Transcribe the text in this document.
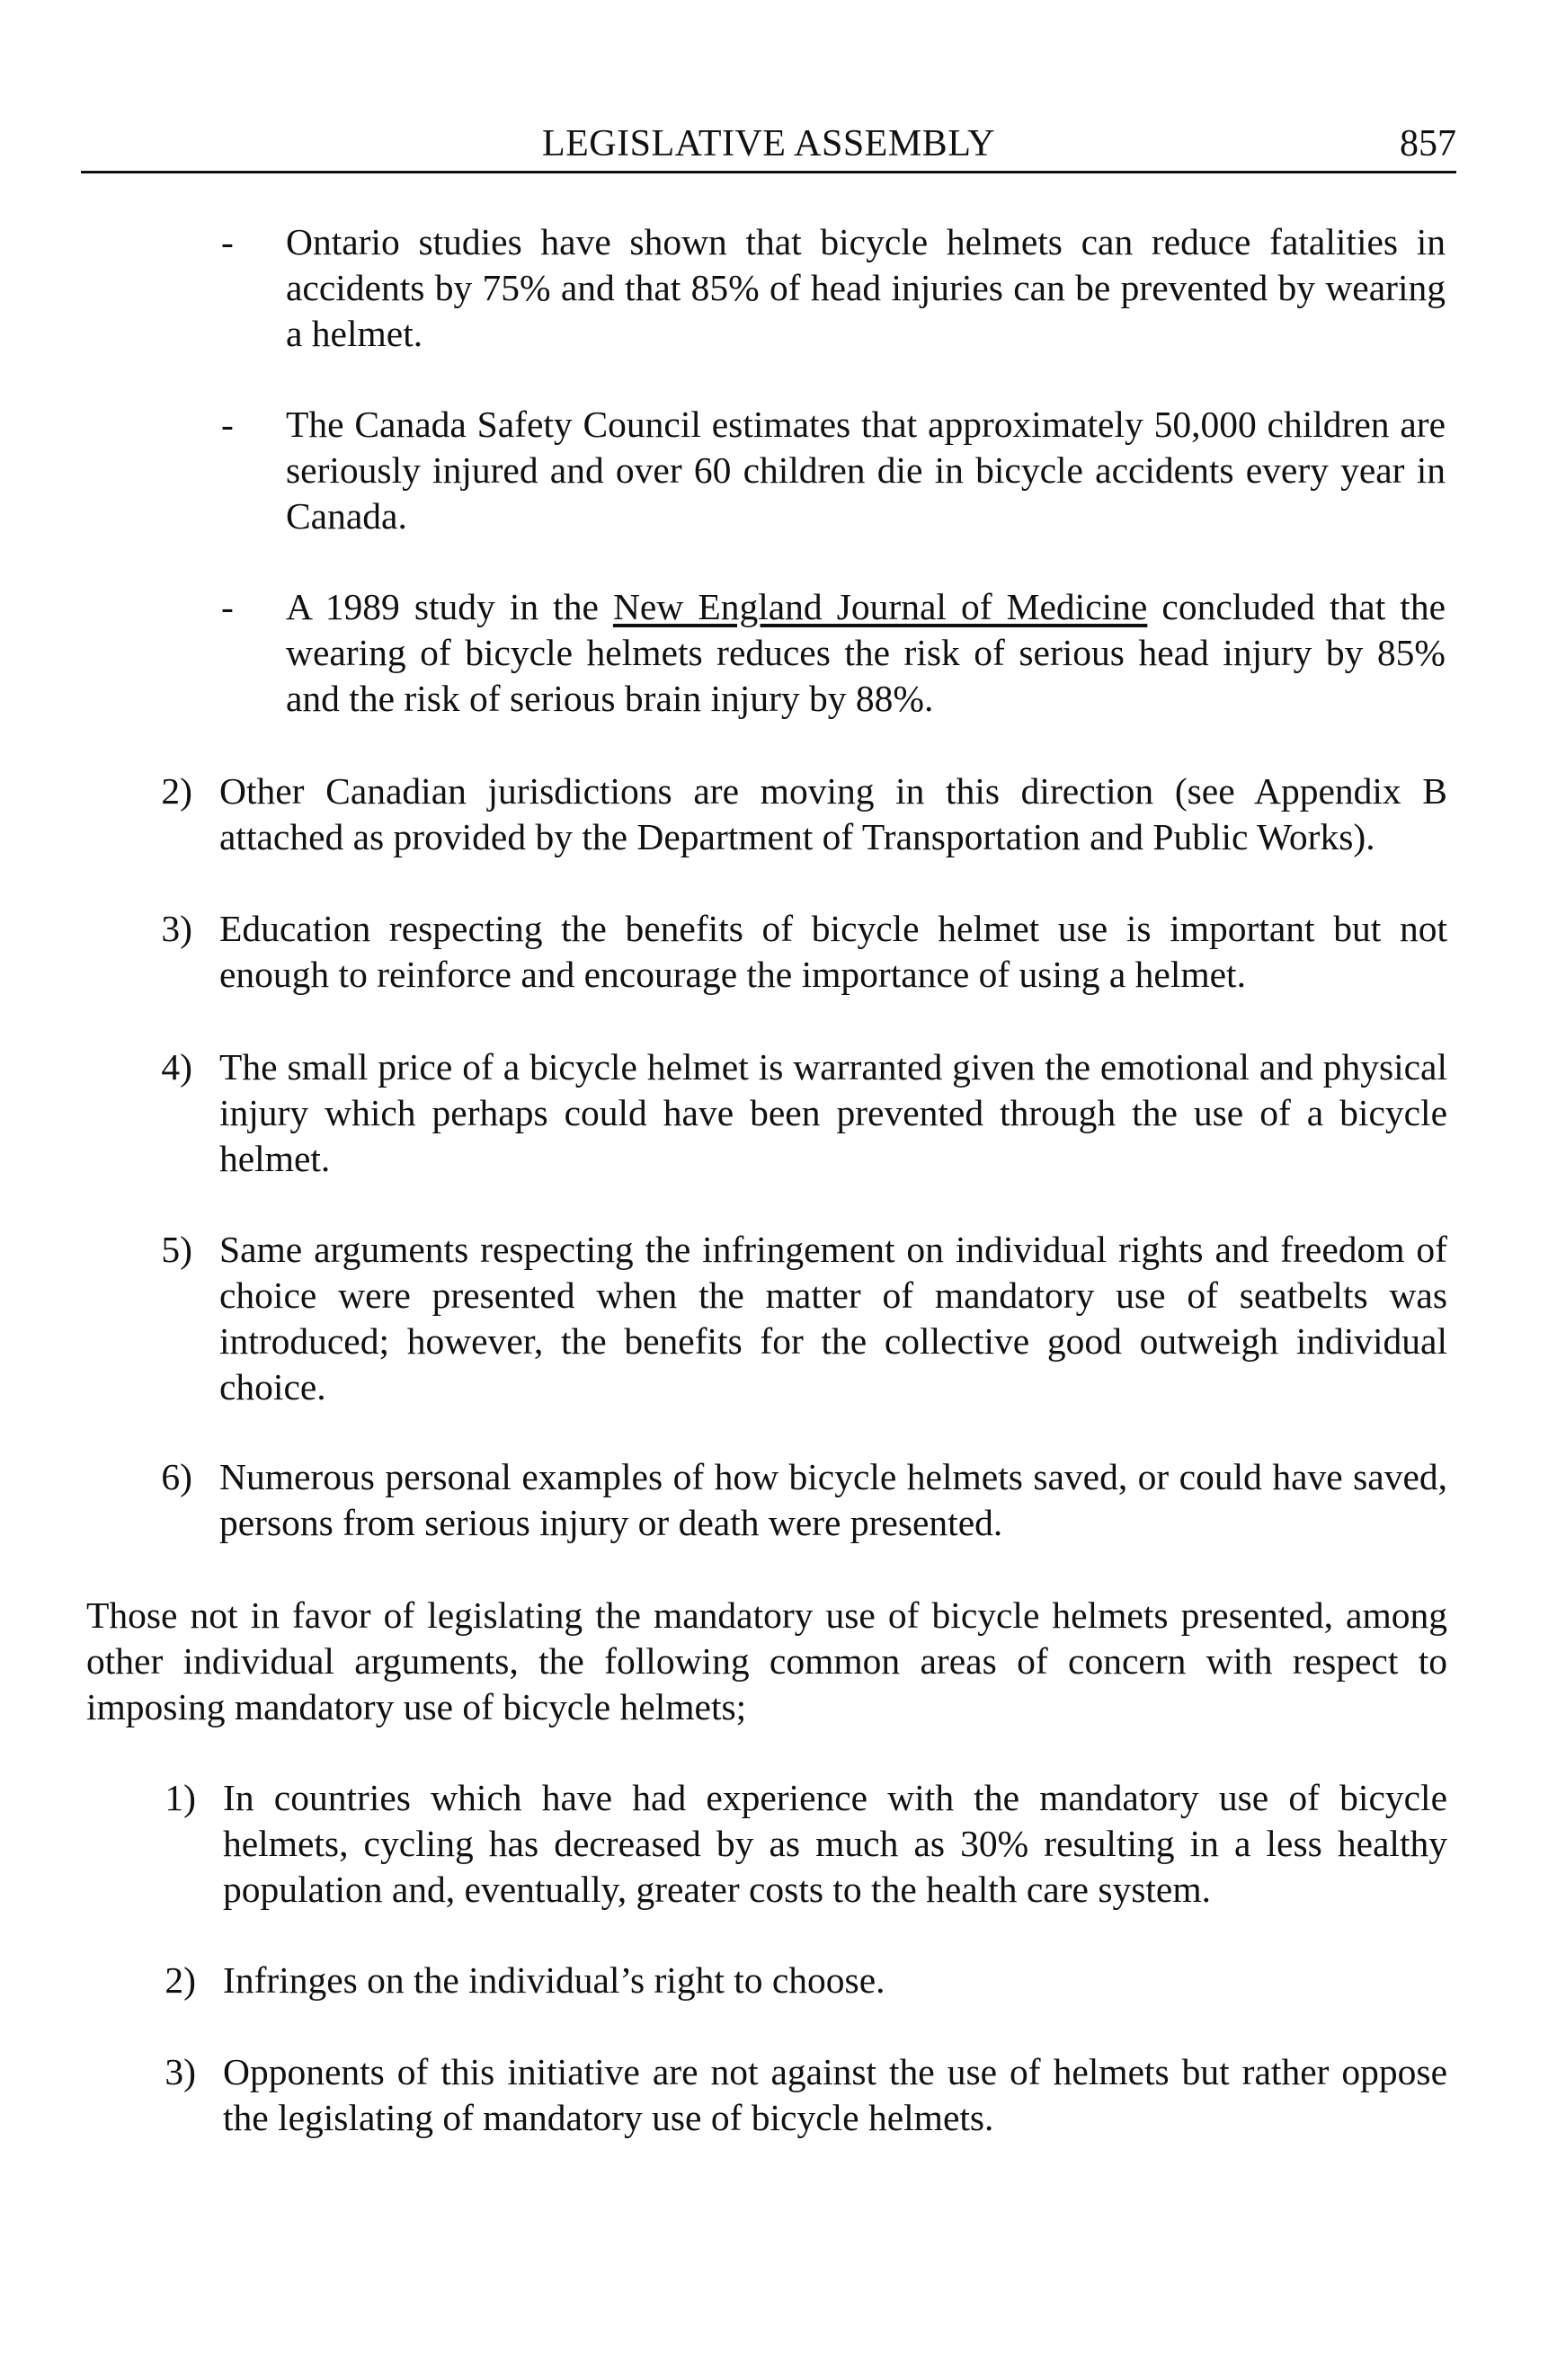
LEGISLATIVE ASSEMBLY	857
- Ontario studies have shown that bicycle helmets can reduce fatalities in accidents by 75% and that 85% of head injuries can be prevented by wearing a helmet.
- The Canada Safety Council estimates that approximately 50,000 children are seriously injured and over 60 children die in bicycle accidents every year in Canada.
- A 1989 study in the New England Journal of Medicine concluded that the wearing of bicycle helmets reduces the risk of serious head injury by 85% and the risk of serious brain injury by 88%.
2) Other Canadian jurisdictions are moving in this direction (see Appendix B attached as provided by the Department of Transportation and Public Works).
3) Education respecting the benefits of bicycle helmet use is important but not enough to reinforce and encourage the importance of using a helmet.
4) The small price of a bicycle helmet is warranted given the emotional and physical injury which perhaps could have been prevented through the use of a bicycle helmet.
5) Same arguments respecting the infringement on individual rights and freedom of choice were presented when the matter of mandatory use of seatbelts was introduced; however, the benefits for the collective good outweigh individual choice.
6) Numerous personal examples of how bicycle helmets saved, or could have saved, persons from serious injury or death were presented.
Those not in favor of legislating the mandatory use of bicycle helmets presented, among other individual arguments, the following common areas of concern with respect to imposing mandatory use of bicycle helmets;
1) In countries which have had experience with the mandatory use of bicycle helmets, cycling has decreased by as much as 30% resulting in a less healthy population and, eventually, greater costs to the health care system.
2) Infringes on the individual’s right to choose.
3) Opponents of this initiative are not against the use of helmets but rather oppose the legislating of mandatory use of bicycle helmets.
